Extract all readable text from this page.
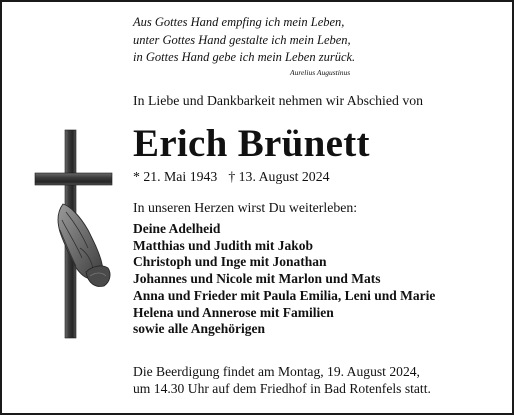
Aus Gottes Hand empfing ich mein Leben,
unter Gottes Hand gestalte ich mein Leben,
in Gottes Hand gebe ich mein Leben zurück.
Aurelius Augustinus
In Liebe und Dankbarkeit nehmen wir Abschied von
Erich Brünett
* 21. Mai 1943 † 13. August 2024
In unseren Herzen wirst Du weiterleben:
Deine Adelheid
Matthias und Judith mit Jakob
Christoph und Inge mit Jonathan
Johannes und Nicole mit Marlon und Mats
Anna und Frieder mit Paula Emilia, Leni und Marie
Helena und Annerose mit Familien
sowie alle Angehörigen
Die Beerdigung findet am Montag, 19. August 2024,
um 14.30 Uhr auf dem Friedhof in Bad Rotenfels statt.
